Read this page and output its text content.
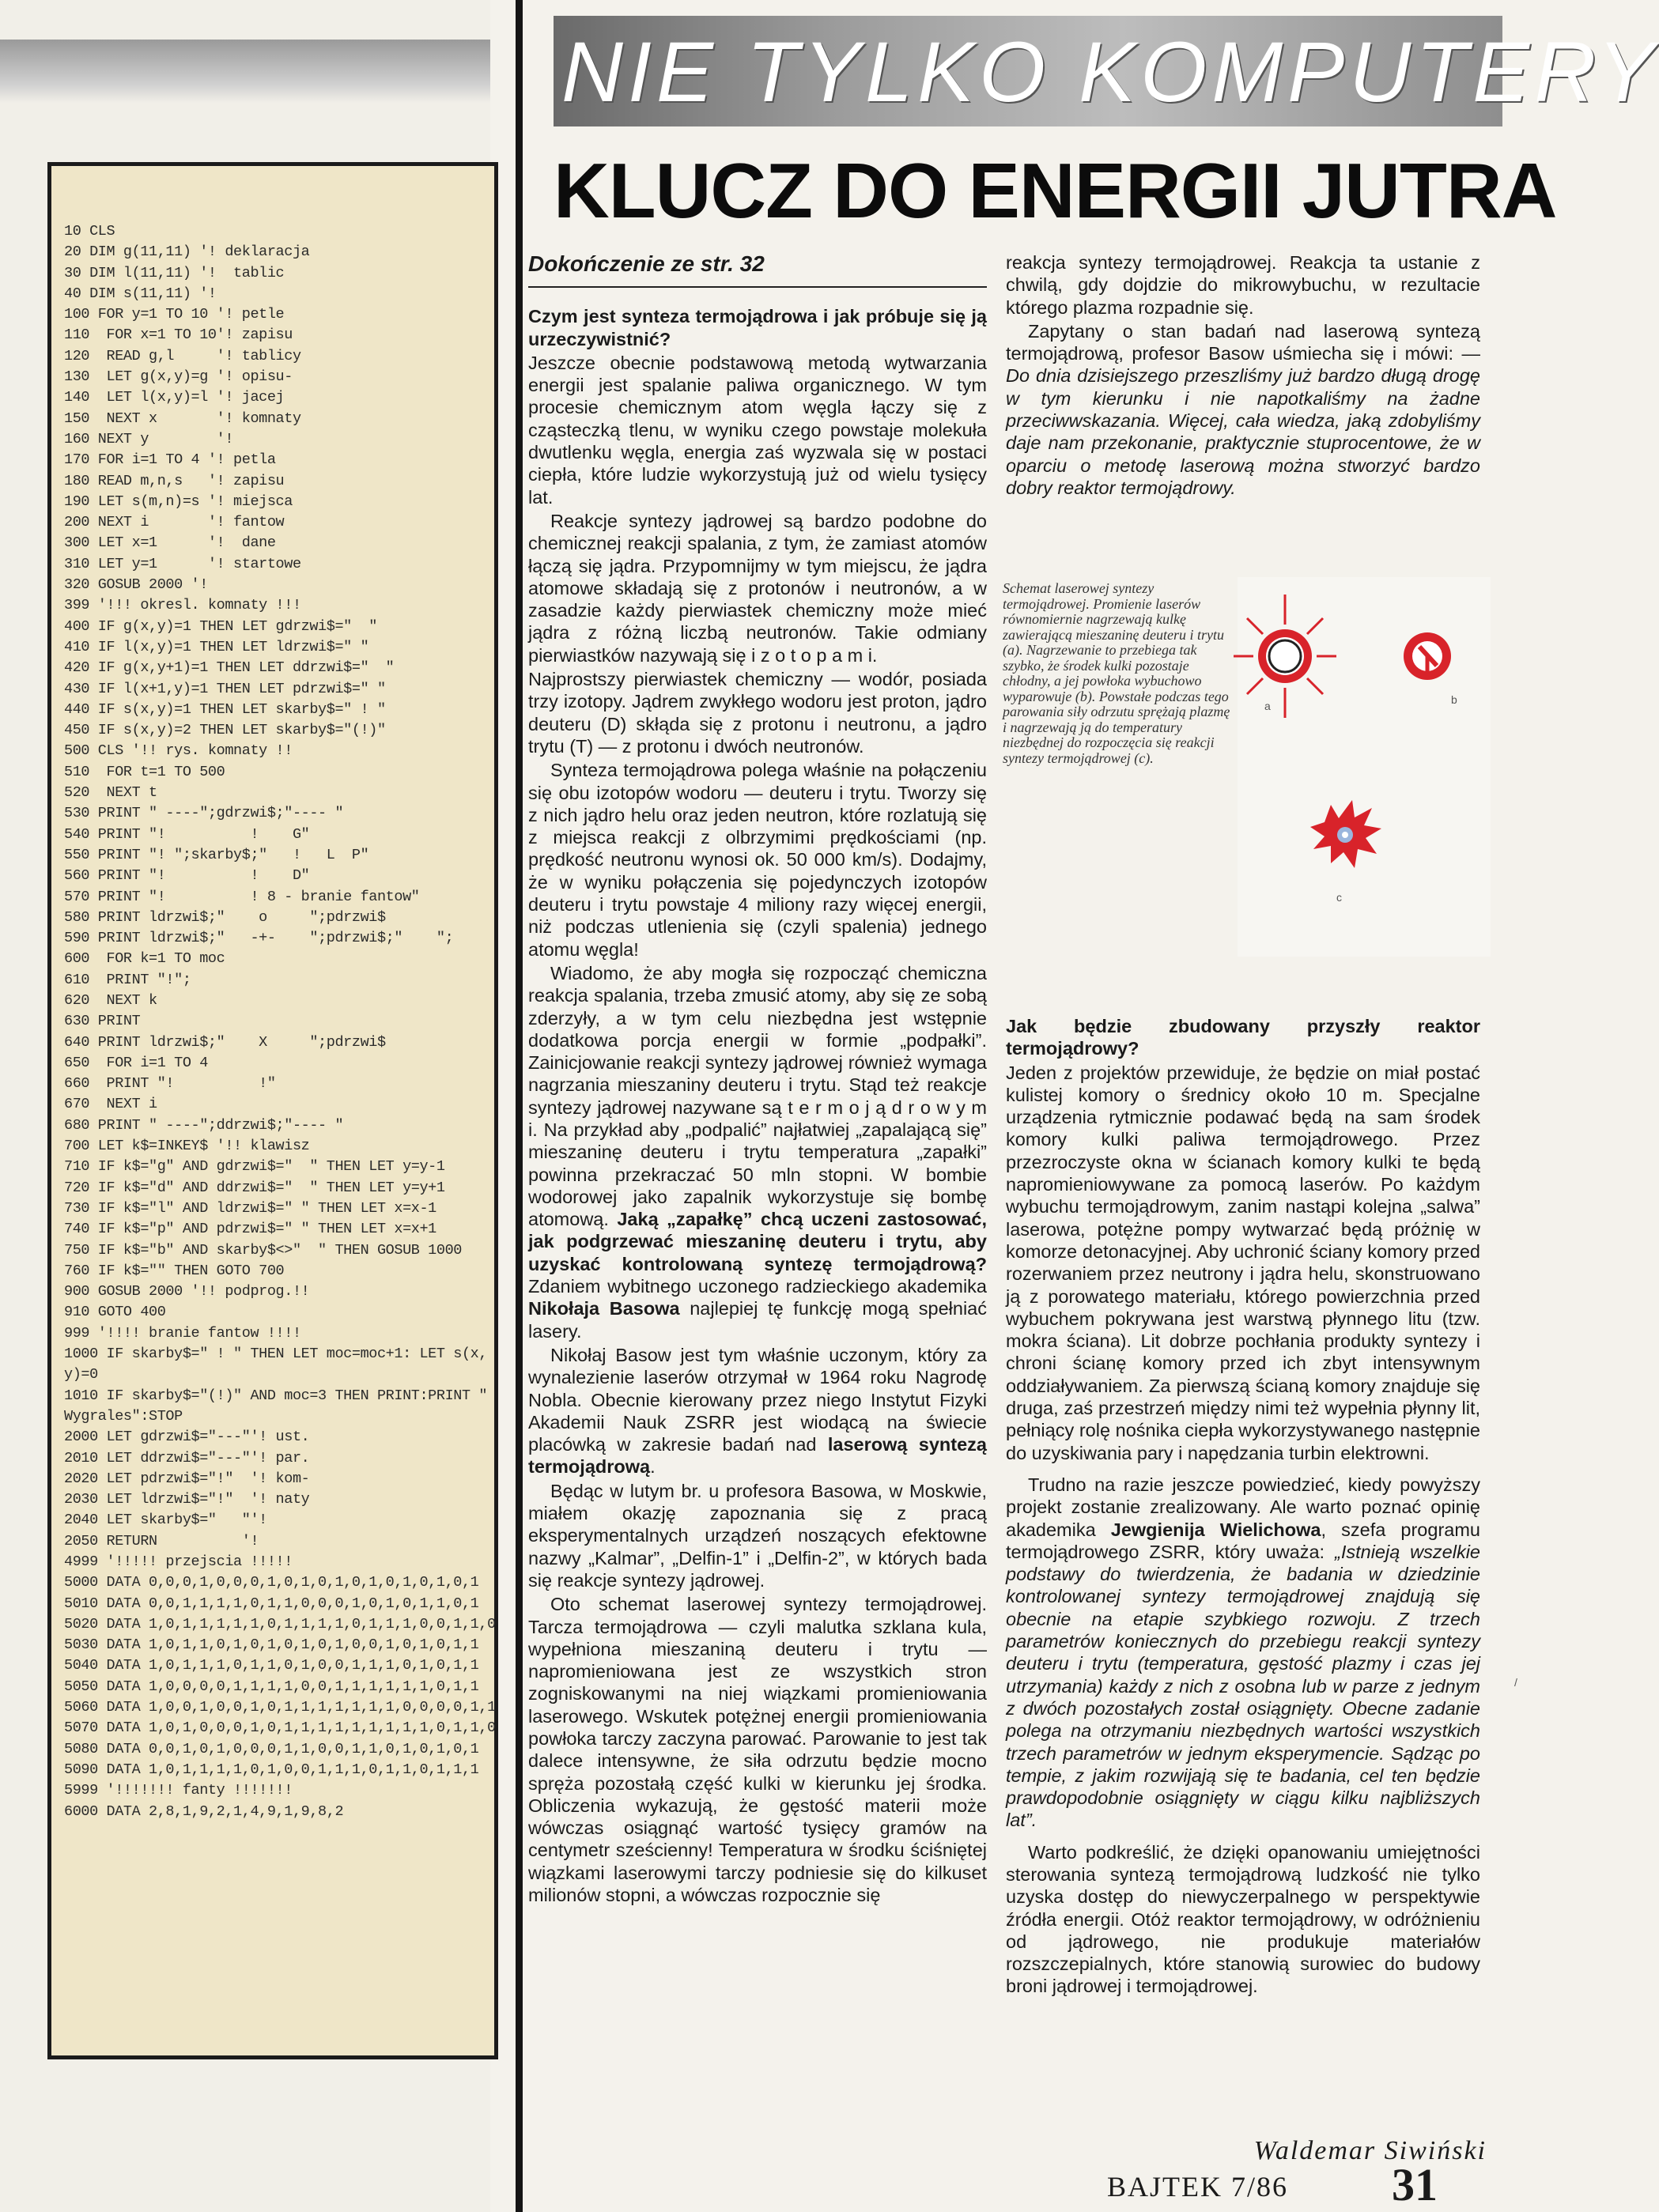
10 CLS
20 DIM g(11,11) '! deklaracja
30 DIM l(11,11) '!  tablic
40 DIM s(11,11) '!
100 FOR y=1 TO 10 '! petle
110  FOR x=1 TO 10'! zapisu
120  READ g,l     '! tablicy
130  LET g(x,y)=g '! opisu-
140  LET l(x,y)=l '! jacej
150  NEXT x       '! komnaty
160 NEXT y        '!
170 FOR i=1 TO 4 '! petla
180 READ m,n,s   '! zapisu
190 LET s(m,n)=s '! miejsca
200 NEXT i       '! fantow
300 LET x=1      '!  dane
310 LET y=1      '! startowe
320 GOSUB 2000 '!
399 '!!! okresl. komnaty !!!
400 IF g(x,y)=1 THEN LET gdrzwi$="  "
410 IF l(x,y)=1 THEN LET ldrzwi$=" "
420 IF g(x,y+1)=1 THEN LET ddrzwi$="  "
430 IF l(x+1,y)=1 THEN LET pdrzwi$=" "
440 IF s(x,y)=1 THEN LET skarby$=" ! "
450 IF s(x,y)=2 THEN LET skarby$="(!)"
500 CLS '!! rys. komnaty !!
510  FOR t=1 TO 500
520  NEXT t
530 PRINT " ----";gdrzwi$;"---- "
540 PRINT "!          !    G"
550 PRINT "! ";skarby$;"   !   L  P"
560 PRINT "!          !    D"
570 PRINT "!          ! 8 - branie fantow"
580 PRINT ldrzwi$;"    o     ";pdrzwi$
590 PRINT ldrzwi$;"   -+-    ";pdrzwi$;"    ";
600  FOR k=1 TO moc
610  PRINT "!";
620  NEXT k
630 PRINT
640 PRINT ldrzwi$;"    X     ";pdrzwi$
650  FOR i=1 TO 4
660  PRINT "!          !"
670  NEXT i
680 PRINT " ----";ddrzwi$;"---- "
700 LET k$=INKEY$ '!! klawisz
710 IF k$="g" AND gdrzwi$="  " THEN LET y=y-1
720 IF k$="d" AND ddrzwi$="  " THEN LET y=y+1
730 IF k$="l" AND ldrzwi$=" " THEN LET x=x-1
740 IF k$="p" AND pdrzwi$=" " THEN LET x=x+1
750 IF k$="b" AND skarby$<>"  " THEN GOSUB 1000
760 IF k$="" THEN GOTO 700
900 GOSUB 2000 '!! podprog.!!
910 GOTO 400
999 '!!!! branie fantow !!!!
1000 IF skarby$=" ! " THEN LET moc=moc+1: LET s(x,
y)=0
1010 IF skarby$="(!)" AND moc=3 THEN PRINT:PRINT "
Wygrales":STOP
2000 LET gdrzwi$="---"'! ust.
2010 LET ddrzwi$="---"'! par.
2020 LET pdrzwi$="!"  '! kom-
2030 LET ldrzwi$="!"  '! naty
2040 LET skarby$="   "'!
2050 RETURN          '!
4999 '!!!!! przejscia !!!!!
5000 DATA 0,0,0,1,0,0,0,1,0,1,0,1,0,1,0,1,0,1,0,1
5010 DATA 0,0,1,1,1,1,0,1,1,0,0,0,1,0,1,0,1,1,0,1
5020 DATA 1,0,1,1,1,1,1,0,1,1,1,1,0,1,1,1,0,0,1,1,0
5030 DATA 1,0,1,1,0,1,0,1,0,1,0,1,0,0,1,0,1,0,1,1
5040 DATA 1,0,1,1,1,0,1,1,0,1,0,0,1,1,1,0,1,0,1,1
5050 DATA 1,0,0,0,0,1,1,1,1,0,0,1,1,1,1,1,1,0,1,1
5060 DATA 1,0,0,1,0,0,1,0,1,1,1,1,1,1,1,0,0,0,0,1,1
5070 DATA 1,0,1,0,0,0,1,0,1,1,1,1,1,1,1,1,1,0,1,1,0
5080 DATA 0,0,1,0,1,0,0,0,1,1,0,0,1,1,0,1,0,1,0,1
5090 DATA 1,0,1,1,1,1,0,1,0,0,1,1,1,0,1,1,0,1,1,1
5999 '!!!!!!! fanty !!!!!!!
6000 DATA 2,8,1,9,2,1,4,9,1,9,8,2
NIE TYLKO KOMPUTERY
KLUCZ DO ENERGII JUTRA

Dokończenie ze str. 32

Czym jest synteza termojądrowa i jak próbuje się ją urzeczywistnić?

Jeszcze obecnie podstawową metodą wytwarzania energii jest spalanie paliwa organicznego. W tym procesie chemicznym atom węgla łączy się z cząsteczką tlenu, w wyniku czego powstaje molekuła dwutlenku węgla, energia zaś wyzwala się w postaci ciepła, które ludzie wykorzystują już od wielu tysięcy lat.

Reakcje syntezy jądrowej są bardzo podobne do chemicznej reakcji spalania, z tym, że zamiast atomów łączą się jądra. Przypomnijmy w tym miejscu, że jądra atomowe składają się z protonów i neutronów, a w zasadzie każdy pierwiastek chemiczny może mieć jądra z różną liczbą neutronów. Takie odmiany pierwiastków nazywają się i z o t o p a m i.

Najprostszy pierwiastek chemiczny — wodór, posiada trzy izotopy. Jądrem zwykłego wodoru jest proton, jądro deuteru (D) skłąda się z protonu i neutronu, a jądro trytu (T) — z protonu i dwóch neutronów.

Synteza termojądrowa polega właśnie na połączeniu się obu izotopów wodoru — deuteru i trytu. Tworzy się z nich jądro helu oraz jeden neutron, które rozlatują się z miejsca reakcji z olbrzymimi prędkościami (np. prędkość neutronu wynosi ok. 50 000 km/s). Dodajmy, że w wyniku połączenia się pojedynczych izotopów deuteru i trytu powstaje 4 miliony razy więcej energii, niż podczas utlenienia się (czyli spalenia) jednego atomu węgla!

Wiadomo, że aby mogła się rozpocząć chemiczna reakcja spalania, trzeba zmusić atomy, aby się ze sobą zderzyły, a w tym celu niezbędna jest wstępnie dodatkowa porcja energii w formie „podpałki”. Zainicjowanie reakcji syntezy jądrowej również wymaga nagrzania mieszaniny deuteru i trytu. Stąd też reakcje syntezy jądrowej nazywane są t e r m o j ą d r o w y m i. Na przykład aby „podpalić” najłatwiej „zapalającą się” mieszaninę deuteru i trytu temperatura „zapałki” powinna przekraczać 50 mln stopni. W bombie wodorowej jako zapalnik wykorzystuje się bombę atomową. Jaką „zapałkę” chcą uczeni zastosować, jak podgrzewać mieszaninę deuteru i trytu, aby uzyskać kontrolowaną syntezę termojądrową? Zdaniem wybitnego uczonego radzieckiego akademika Nikołaja Basowa najlepiej tę funkcję mogą spełniać lasery.

Nikołaj Basow jest tym właśnie uczonym, który za wynalezienie laserów otrzymał w 1964 roku Nagrodę Nobla. Obecnie kierowany przez niego Instytut Fizyki Akademii Nauk ZSRR jest wiodącą na świecie placówką w zakresie badań nad laserową syntezą termojądrową.

Będąc w lutym br. u profesora Basowa, w Moskwie, miałem okazję zapoznania się z pracą eksperymentalnych urządzeń noszących efektowne nazwy „Kalmar”, „Delfin-1” i „Delfin-2”, w których bada się reakcje syntezy jądrowej.

Oto schemat laserowej syntezy termojądrowej. Tarcza termojądrowa — czyli malutka szklana kula, wypełniona mieszaniną deuteru i trytu — napromieniowana jest ze wszystkich stron zogniskowanymi na niej wiązkami promieniowania laserowego. Wskutek potężnej energii promieniowania powłoka tarczy zaczyna parować. Parowanie to jest tak dalece intensywne, że siła odrzutu będzie mocno spręża pozostałą część kulki w kierunku jej środka. Obliczenia wykazują, że gęstość materii może wówczas osiągnąć wartość tysięcy gramów na centymetr sześcienny! Temperatura w środku ściśniętej wiązkami laserowymi tarczy podniesie się do kilkuset milionów stopni, a wówczas rozpocznie się

reakcja syntezy termojądrowej. Reakcja ta ustanie z chwilą, gdy dojdzie do mikrowybuchu, w rezultacie którego plazma rozpadnie się.

Zapytany o stan badań nad laserową syntezą termojądrową, profesor Basow uśmiecha się i mówi: — Do dnia dzisiejszego przeszliśmy już bardzo długą drogę w tym kierunku i nie napotkaliśmy na żadne przeciwwskazania. Więcej, cała wiedza, jaką zdobyliśmy daje nam przekonanie, praktycznie stuprocentowe, że w oparciu o metodę laserową można stworzyć bardzo dobry reaktor termojądrowy.

Schemat laserowej syntezy termojądrowej. Promienie laserów równomiernie nagrzewają kulkę zawierającą mieszaninę deuteru i trytu (a). Nagrzewanie to przebiega tak szybko, że środek kulki pozostaje chłodny, a jej powłoka wybuchowo wyparowuje (b). Powstałe podczas tego parowania siły odrzutu sprężają plazmę i nagrzewają ją do temperatury niezbędnej do rozpoczęcia się reakcji syntezy termojądrowej (c).
a	b
c

Jak będzie zbudowany przyszły reaktor termojądrowy?

Jeden z projektów przewiduje, że będzie on miał postać kulistej komory o średnicy około 10 m. Specjalne urządzenia rytmicznie podawać będą na sam środek komory kulki paliwa termojądrowego. Przez przezroczyste okna w ścianach komory kulki te będą napromieniowywane za pomocą laserów. Po każdym wybuchu termojądrowym, zanim nastąpi kolejna „salwa” laserowa, potężne pompy wytwarzać będą próżnię w komorze detonacyjnej. Aby uchronić ściany komory przed rozerwaniem przez neutrony i jądra helu, skonstruowano ją z porowatego materiału, którego powierzchnia przed wybuchem pokrywana jest warstwą płynnego litu (tzw. mokra ściana). Lit dobrze pochłania produkty syntezy i chroni ścianę komory przed ich zbyt intensywnym oddziaływaniem. Za pierwszą ścianą komory znajduje się druga, zaś przestrzeń między nimi też wypełnia płynny lit, pełniący rolę nośnika ciepła wykorzystywanego następnie do uzyskiwania pary i napędzania turbin elektrowni.

Trudno na razie jeszcze powiedzieć, kiedy powyższy projekt zostanie zrealizowany. Ale warto poznać opinię akademika Jewgienija Wielichowa, szefa programu termojądrowego ZSRR, który uważa: „Istnieją wszelkie podstawy do twierdzenia, że badania w dziedzinie kontrolowanej syntezy termojądrowej znajdują się obecnie na etapie szybkiego rozwoju. Z trzech parametrów koniecznych do przebiegu reakcji syntezy deuteru i trytu (temperatura, gęstość plazmy i czas jej utrzymania) każdy z nich z osobna lub w parze z jednym z dwóch pozostałych został osiągnięty. Obecne zadanie polega na otrzymaniu niezbędnych wartości wszystkich trzech parametrów w jednym eksperymencie. Sądząc po tempie, z jakim rozwijają się te badania, cel ten będzie prawdopodobnie osiągnięty w ciągu kilku najbliższych lat”.

Warto podkreślić, że dzięki opanowaniu umiejętności sterowania syntezą termojądrową ludzkość nie tylko uzyska dostęp do niewyczerpalnego w perspektywie źródła energii. Otóż reaktor termojądrowy, w odróżnieniu od jądrowego, nie produkuje materiałów rozszczepialnych, które stanowią surowiec do budowy broni jądrowej i termojądrowej.

Waldemar Siwiński
BAJTEK 7/86 31
/
